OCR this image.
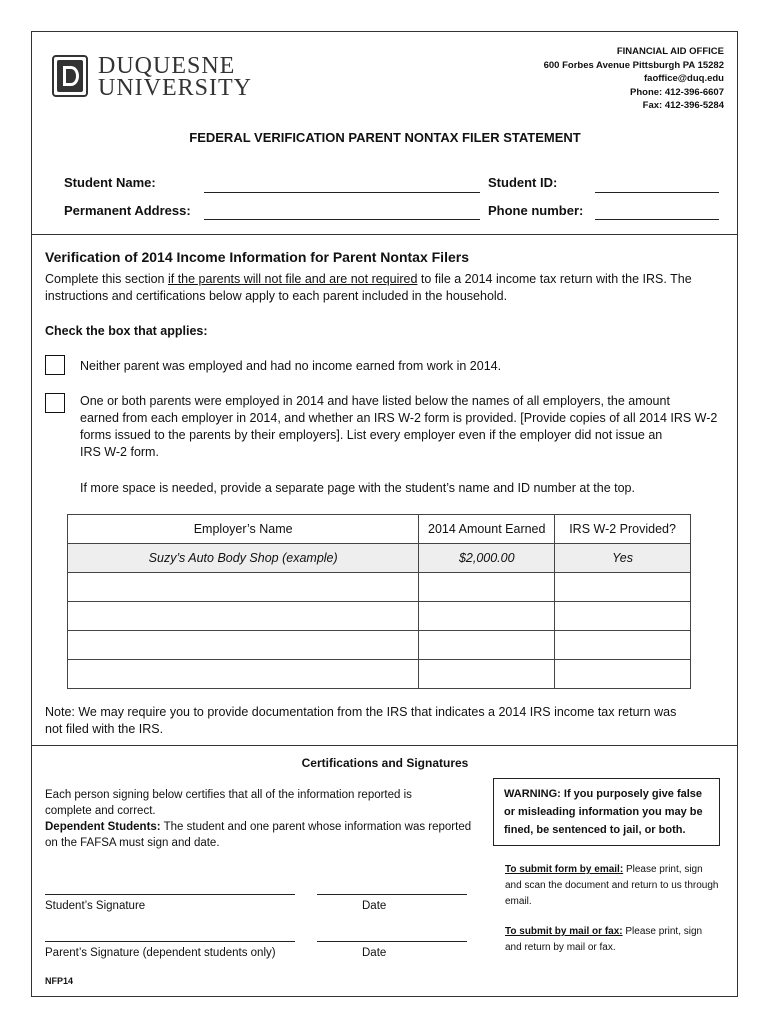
DUQUESNE
UNIVERSITY
FINANCIAL AID OFFICE
600 Forbes Avenue Pittsburgh PA 15282
faoffice@duq.edu
Phone: 412-396-6607
Fax: 412-396-5284
FEDERAL VERIFICATION PARENT NONTAX FILER STATEMENT
Student Name:	Student ID:
Permanent Address:	Phone number:
Verification of 2014 Income Information for Parent Nontax Filers
Complete this section if the parents will not file and are not required to file a 2014 income tax return with the IRS. The
instructions and certifications below apply to each parent included in the household.
Check the box that applies:
Neither parent was employed and had no income earned from work in 2014.
One or both parents were employed in 2014 and have listed below the names of all employers, the amount
earned from each employer in 2014, and whether an IRS W-2 form is provided. [Provide copies of all 2014 IRS W-2
forms issued to the parents by their employers]. List every employer even if the employer did not issue an
IRS W-2 form.
If more space is needed, provide a separate page with the student’s name and ID number at the top.
Employer’s Name	2014 Amount Earned	IRS W-2 Provided?
Suzy’s Auto Body Shop (example)	$2,000.00	Yes

Note: We may require you to provide documentation from the IRS that indicates a 2014 IRS income tax return was
not filed with the IRS.
Certifications and Signatures
Each person signing below certifies that all of the information reported is
complete and correct.
Dependent Students: The student and one parent whose information was reported
on the FAFSA must sign and date.
WARNING: If you purposely give false or misleading information you may be fined, be sentenced to jail, or both.
To submit form by email: Please print, sign and scan the document and return to us through email.
To submit by mail or fax: Please print, sign and return by mail or fax.
Student’s Signature	Date
Parent’s Signature (dependent students only)	Date
NFP14
